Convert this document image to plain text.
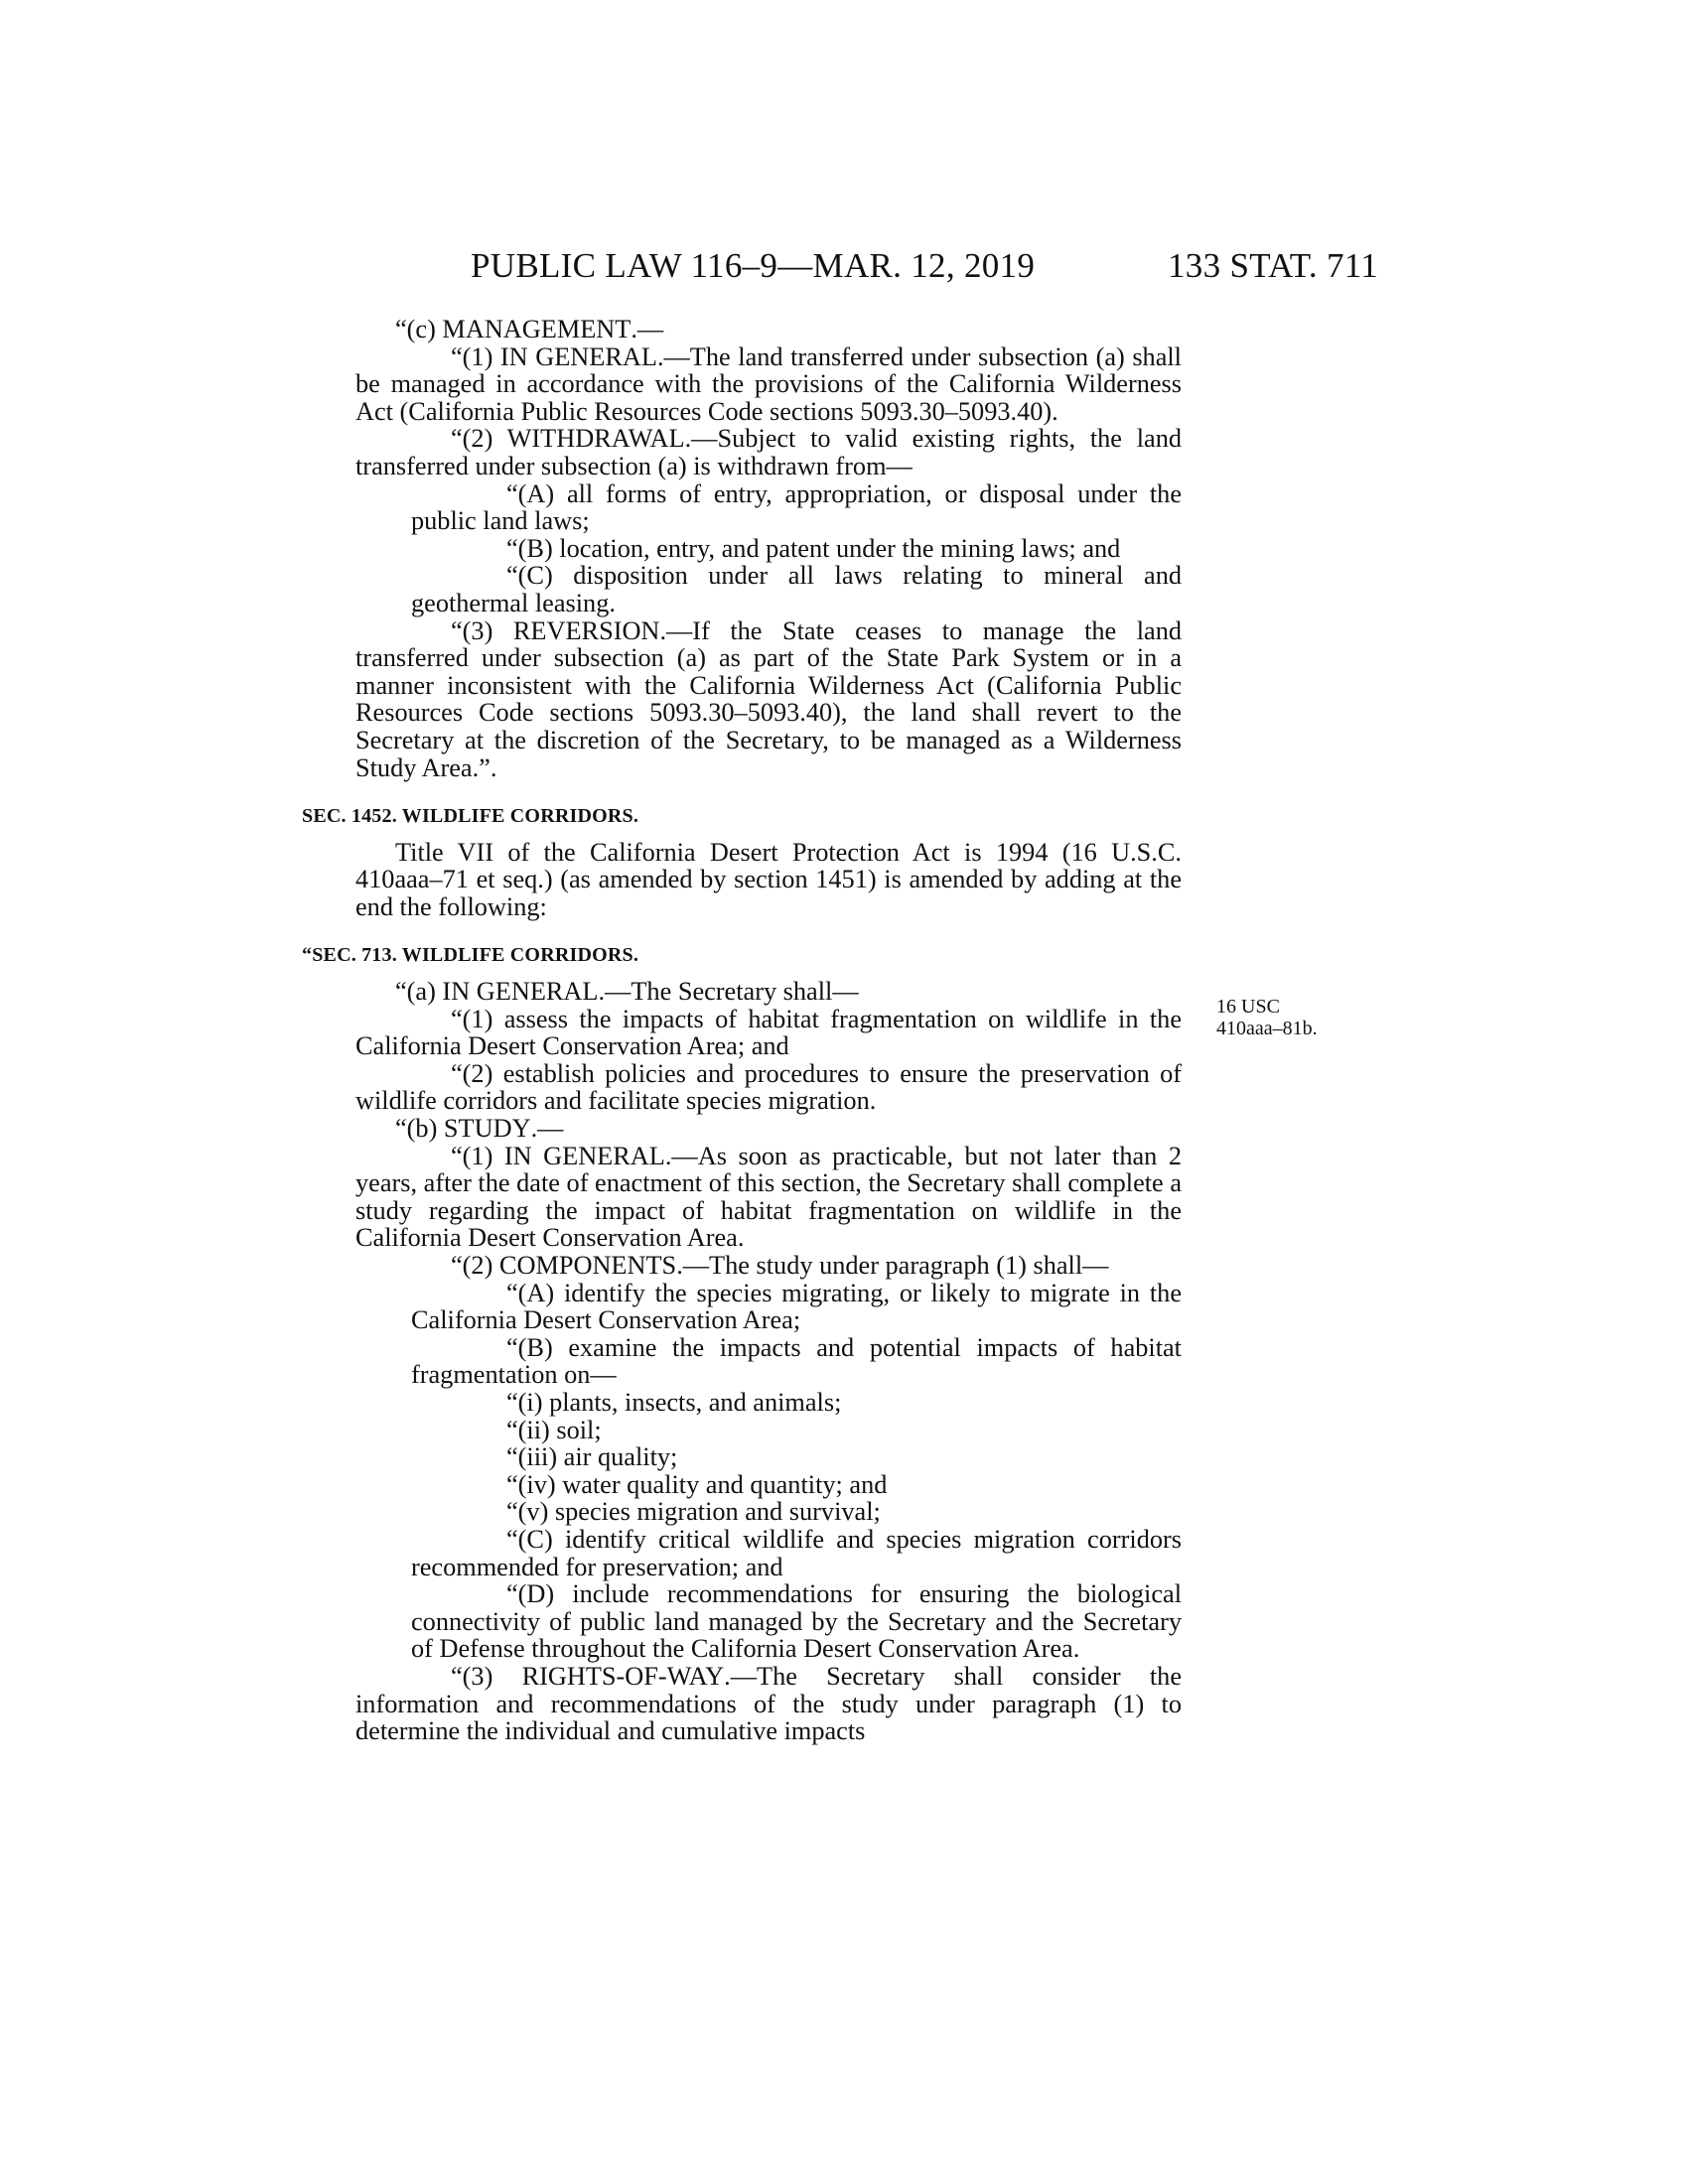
PUBLIC LAW 116–9—MAR. 12, 2019	133 STAT. 711
16 USC
410aaa–81b.

“(c) MANAGEMENT.—

“(1) IN GENERAL.—The land transferred under subsection (a) shall be managed in accordance with the provisions of the California Wilderness Act (California Public Resources Code sections 5093.30–5093.40).

“(2) WITHDRAWAL.—Subject to valid existing rights, the land transferred under subsection (a) is withdrawn from—

“(A) all forms of entry, appropriation, or disposal under the public land laws;

“(B) location, entry, and patent under the mining laws; and

“(C) disposition under all laws relating to mineral and geothermal leasing.

“(3) REVERSION.—If the State ceases to manage the land transferred under subsection (a) as part of the State Park System or in a manner inconsistent with the California Wilderness Act (California Public Resources Code sections 5093.30–5093.40), the land shall revert to the Secretary at the discretion of the Secretary, to be managed as a Wilderness Study Area.”.

SEC. 1452. WILDLIFE CORRIDORS.

Title VII of the California Desert Protection Act is 1994 (16 U.S.C. 410aaa–71 et seq.) (as amended by section 1451) is amended by adding at the end the following:

“SEC. 713. WILDLIFE CORRIDORS.

“(a) IN GENERAL.—The Secretary shall—

“(1) assess the impacts of habitat fragmentation on wildlife in the California Desert Conservation Area; and

“(2) establish policies and procedures to ensure the preservation of wildlife corridors and facilitate species migration.

“(b) STUDY.—

“(1) IN GENERAL.—As soon as practicable, but not later than 2 years, after the date of enactment of this section, the Secretary shall complete a study regarding the impact of habitat fragmentation on wildlife in the California Desert Conservation Area.

“(2) COMPONENTS.—The study under paragraph (1) shall—

“(A) identify the species migrating, or likely to migrate in the California Desert Conservation Area;

“(B) examine the impacts and potential impacts of habitat fragmentation on—

“(i) plants, insects, and animals;

“(ii) soil;

“(iii) air quality;

“(iv) water quality and quantity; and

“(v) species migration and survival;

“(C) identify critical wildlife and species migration corridors recommended for preservation; and

“(D) include recommendations for ensuring the biological connectivity of public land managed by the Secretary and the Secretary of Defense throughout the California Desert Conservation Area.

“(3) RIGHTS-OF-WAY.—The Secretary shall consider the information and recommendations of the study under paragraph (1) to determine the individual and cumulative impacts
